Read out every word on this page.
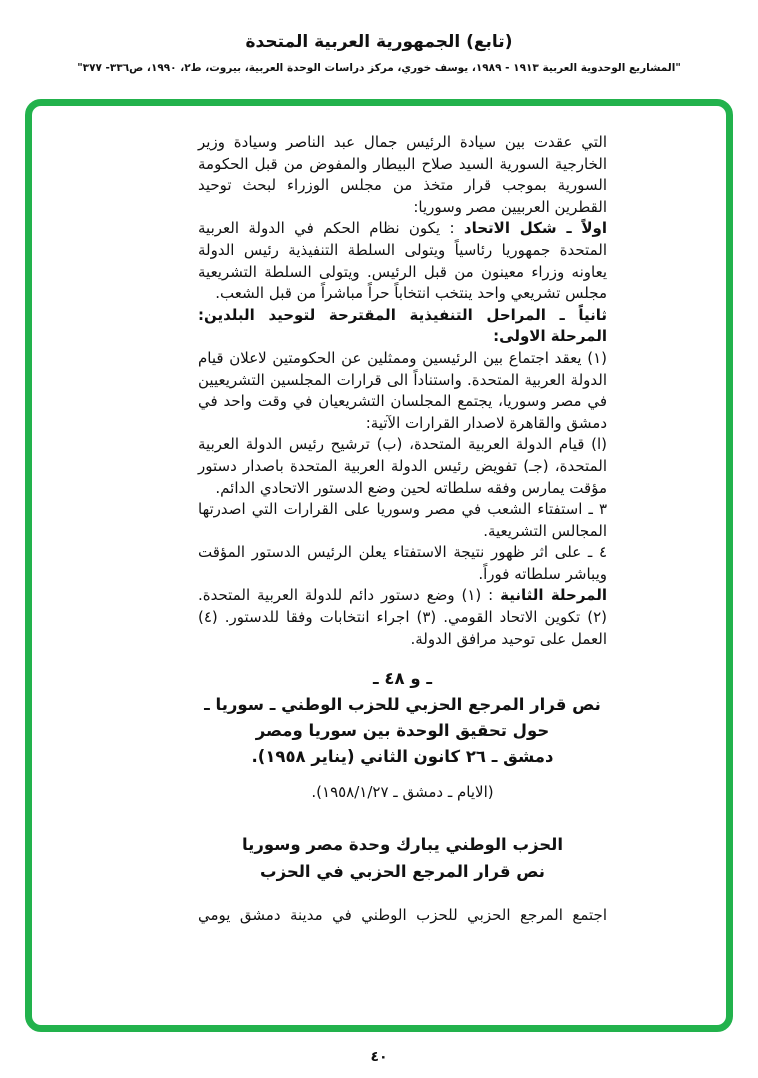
(تابع) الجمهورية العربية المتحدة
"المشاريع الوحدوية العربية ١٩١٣ - ١٩٨٩، يوسف خوري، مركز دراسات الوحدة العربية، بيروت، ط٢، ١٩٩٠، ص٣٣٦- ٣٧٧"

التي عقدت بين سيادة الرئيس جمال عبد الناصر وسيادة وزير الخارجية السورية السيد صلاح البيطار والمفوض من قبل الحكومة السورية بموجب قرار متخذ من مجلس الوزراء لبحث توحيد القطرين العربيين مصر وسوريا:

اولاً ـ شكل الاتحاد : يكون نظام الحكم في الدولة العربية المتحدة جمهوريا رئاسياً ويتولى السلطة التنفيذية رئيس الدولة يعاونه وزراء معينون من قبل الرئيس. ويتولى السلطة التشريعية مجلس تشريعي واحد ينتخب انتخاباً حراً مباشراً من قبل الشعب.

ثانياً ـ المراحل التنفيذية المقترحة لتوحيد البلدين: المرحلة الاولى:

(١) يعقد اجتماع بين الرئيسين وممثلين عن الحكومتين لاعلان قيام الدولة العربية المتحدة. واستناداً الى قرارات المجلسين التشريعيين في مصر وسوريا، يجتمع المجلسان التشريعيان في وقت واحد في دمشق والقاهرة لاصدار القرارات الآتية:

(ا) قيام الدولة العربية المتحدة، (ب) ترشيح رئيس الدولة العربية المتحدة، (جـ) تفويض رئيس الدولة العربية المتحدة باصدار دستور مؤقت يمارس وفقه سلطاته لحين وضع الدستور الاتحادي الدائم.

٣ ـ استفتاء الشعب في مصر وسوريا على القرارات التي اصدرتها المجالس التشريعية.

٤ ـ على اثر ظهور نتيجة الاستفتاء يعلن الرئيس الدستور المؤقت ويباشر سلطاته فوراً.

المرحلة الثانية : (١) وضع دستور دائم للدولة العربية المتحدة. (٢) تكوين الاتحاد القومي. (٣) اجراء انتخابات وفقا للدستور. (٤) العمل على توحيد مرافق الدولة.

ـ و ٤٨ ـ
نص قرار المرجع الحزبي للحزب الوطني ـ سوريا ـ
حول تحقيق الوحدة بين سوريا ومصر
دمشق ـ ٢٦ كانون الثاني (يناير ١٩٥٨).
(الايام ـ دمشق ـ ١٩٥٨/١/٢٧).
الحزب الوطني يبارك وحدة مصر وسوريا
نص قرار المرجع الحزبي في الحزب

اجتمع المرجع الحزبي للحزب الوطني في مدينة دمشق يومي

٤٠
